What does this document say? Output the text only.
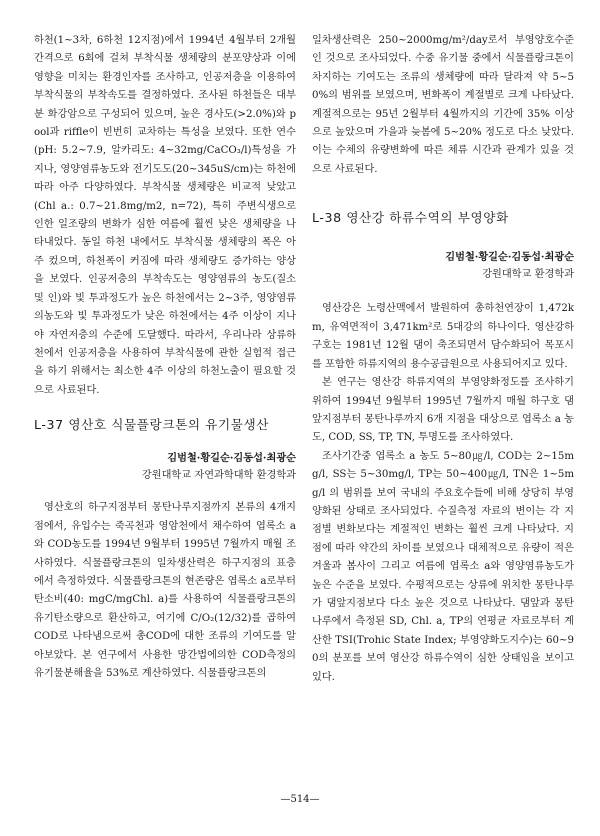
하천(1~3차, 6하천 12지점)에서 1994년 4월부터 2개월 간격으로 6회에 걸쳐 부착식물 생체량의 분포양상과 이에 영향을 미치는 환경인자를 조사하고, 인공저층을 이용하여 부착식물의 부착속도를 결정하였다. 조사된 하천들은 대부분 화강암으로 구성되어 있으며, 높은 경사도(>2.0%)와 pool과 riffle이 빈번히 교차하는 특성을 보였다. 또한 연수(pH: 5.2~7.9, 알카리도: 4~32mg/CaCO₃/l)특성을 가지나, 영양염류농도와 전기도도(20~345uS/cm)는 하천에 따라 아주 다양하였다. 부착식물 생체량은 비교적 낮았고 (Chl a.: 0.7~21.8mg/m2, n=72), 특히 주변식생으로 인한 일조량의 변화가 심한 여름에 훨씬 낮은 생체량을 나타내었다. 동일 하천 내에서도 부착식물 생체량의 폭은 아주 컸으며, 하천폭이 커짐에 따라 생체량도 증가하는 양상을 보였다. 인공저층의 부착속도는 영양염류의 농도(질소 및 인)와 빛 투과정도가 높은 하천에서는 2~3주, 영양염류의농도와 빛 투과정도가 낮은 하천에서는 4주 이상이 지나야 자연저층의 수준에 도달했다. 따라서, 우리나라 상류하천에서 인공저층을 사용하여 부착식물에 관한 실험적 접근을 하기 위해서는 최소한 4주 이상의 하천노출이 필요할 것으로 사료된다.

L-37 영산호 식물플랑크톤의 유기물생산

김범철·황길순·김동섭·최광순

강원대학교 자연과학대학 환경학과

영산호의 하구지점부터 몽탄나루지점까지 본류의 4개지점에서, 유입수는 죽곡천과 영암천에서 채수하여 엽록소 a와 COD농도를 1994년 9월부터 1995년 7월까지 매월 조사하였다. 식물플랑크톤의 일차생산력은 하구지점의 표층에서 측정하였다. 식물플랑크톤의 현존량은 엽록소 a로부터 탄소비(40: mgC/mgChl. a)를 사용하여 식물플랑크톤의 유기탄소량으로 환산하고, 여기에 C/O₂(12/32)를 곱하여 COD로 나타냄으로써 총COD에 대한 조류의 기여도를 알아보았다. 본 연구에서 사용한 망간법에의한 COD측정의 유기물분해율을 53%로 계산하였다. 식물플랑크톤의

일차생산력은 250~2000mg/m²/day로서 부영양호수준인 것으로 조사되었다. 수중 유기물 중에서 식물플랑크톤이 차지하는 기여도는 조류의 생체량에 따라 달라져 약 5~50%의 범위를 보였으며, 변화폭이 계절별로 크게 나타났다. 계절적으로는 95년 2월부터 4월까지의 기간에 35% 이상으로 높았으며 가을과 늦봄에 5~20% 정도로 다소 낮았다. 이는 수체의 유량변화에 따른 체류 시간과 관계가 있을 것으로 사료된다.

L-38 영산강 하류수역의 부영양화

김범철·황길순·김동섭·최광순

강원대학교 환경학과

영산강은 노령산맥에서 발원하여 총하천연장이 1,472km, 유역면적이 3,471km²로 5대강의 하나이다. 영산강하구호는 1981년 12월 댐이 축조되면서 담수화되어 목포시를 포함한 하류지역의 용수공급원으로 사용되어지고 있다.

본 연구는 영산강 하류지역의 부영양화정도를 조사하기 위하여 1994년 9월부터 1995년 7월까지 매월 하구호 댐앞지점부터 몽탄나루까지 6개 지점을 대상으로 엽록소 a 농도, COD, SS, TP, TN, 투명도를 조사하였다.

조사기간중 엽록소 a 농도 5~80㎍/l, COD는 2~15mg/l, SS는 5~30mg/l, TP는 50~400㎍/l, TN은 1~5mg/l 의 범위를 보여 국내의 주요호수들에 비해 상당히 부영양화된 상태로 조사되었다. 수질측정 자료의 변이는 각 지점별 변화보다는 계절적인 변화는 훨씬 크게 나타났다. 지점에 따라 약간의 차이를 보였으나 대체적으로 유량이 적은 겨울과 봄사이 그리고 여름에 엽록소 a와 영양염류농도가 높은 수준을 보였다. 수평적으로는 상류에 위치한 몽탄나루가 댐앞지점보다 다소 높은 것으로 나타났다. 댐앞과 몽탄나루에서 측정된 SD, Chl. a, TP의 연평균 자료로부터 계산한 TSI(Trohic State Index; 부영양화도지수)는 60~90의 분포를 보여 영산강 하류수역이 심한 상태임을 보이고 있다.

—514—
